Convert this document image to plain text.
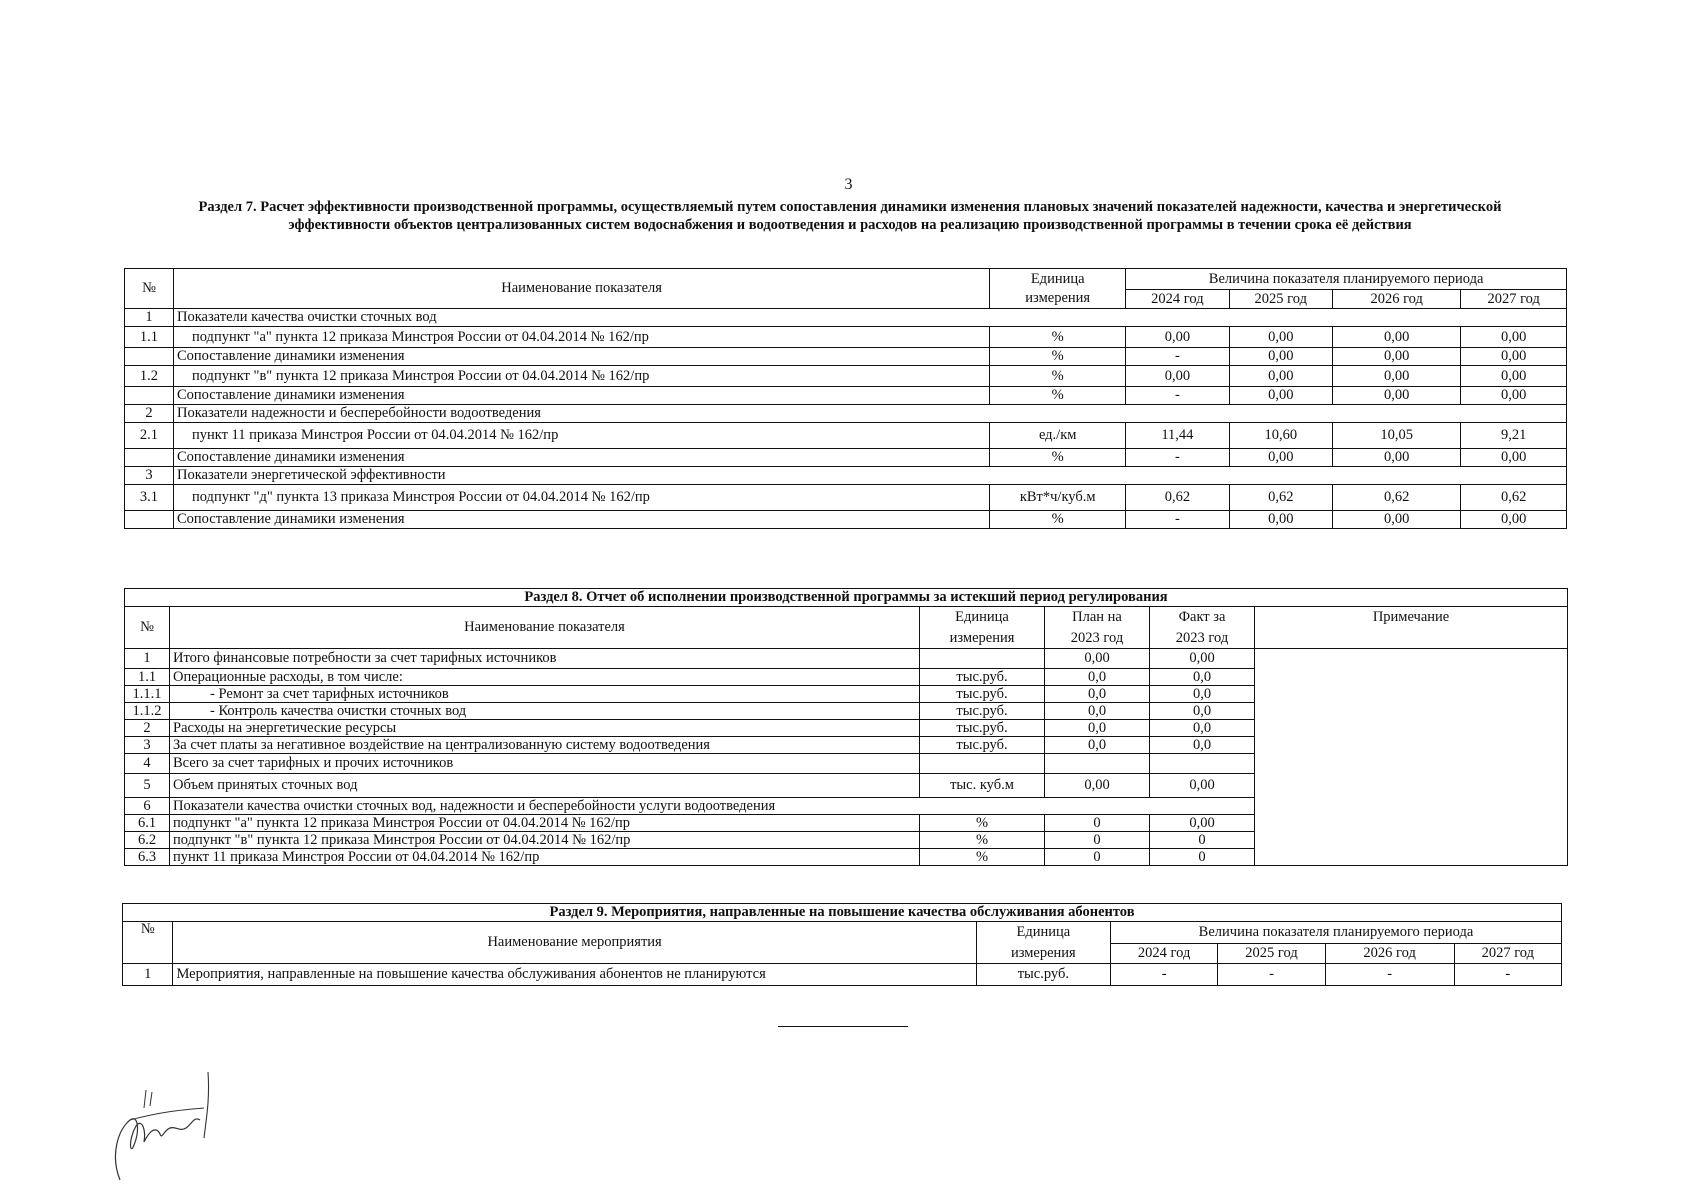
3
Раздел 7. Расчет эффективности производственной программы, осуществляемый путем сопоставления динамики изменения плановых значений показателей надежности, качества и энергетической эффективности объектов централизованных систем водоснабжения и водоотведения и расходов на реализацию производственной программы в течении срока её действия
№	Наименование показателя	Единица	Величина показателя планируемого периода			
		измерения	2024 год	2025 год	2026 год	2027 год
1	Показатели качества очистки сточных вод					
1.1	подпункт "а" пункта 12 приказа Минстроя России от 04.04.2014 № 162/пр	%	0,00	0,00	0,00	0,00
	Сопоставление динамики изменения	%	-	0,00	0,00	0,00
1.2	подпункт "в" пункта 12 приказа Минстроя России от 04.04.2014 № 162/пр	%	0,00	0,00	0,00	0,00
	Сопоставление динамики изменения	%	-	0,00	0,00	0,00
2	Показатели надежности и бесперебойности водоотведения					
2.1	пункт 11 приказа Минстроя России от 04.04.2014 № 162/пр	ед./км	11,44	10,60	10,05	9,21
	Сопоставление динамики изменения	%	-	0,00	0,00	0,00
3	Показатели энергетической эффективности					
3.1	подпункт "д" пункта 13 приказа Минстроя России от 04.04.2014 № 162/пр	кВт*ч/куб.м	0,62	0,62	0,62	0,62
	Сопоставление динамики изменения	%	-	0,00	0,00	0,00
Раздел 8. Отчет об исполнении производственной программы за истекший период регулирования					
№	Наименование показателя	Единица	План на	Факт за	Примечание
		измерения	2023 год	2023 год	
1	Итого финансовые потребности за счет тарифных источников		0,00	0,00	
1.1	Операционные расходы, в том числе:	тыс.руб.	0,0	0,0	
1.1.1	- Ремонт за счет тарифных источников	тыс.руб.	0,0	0,0	
1.1.2	- Контроль качества очистки сточных вод	тыс.руб.	0,0	0,0	
2	Расходы на энергетические ресурсы	тыс.руб.	0,0	0,0	
3	За счет платы за негативное воздействие на централизованную систему водоотведения	тыс.руб.	0,0	0,0	
4	Всего за счет тарифных и прочих источников				
5	Объем принятых сточных вод	тыс. куб.м	0,00	0,00	
6	Показатели качества очистки сточных вод, надежности и бесперебойности услуги водоотведения				
6.1	подпункт "а" пункта 12 приказа Минстроя России от 04.04.2014 № 162/пр	%	0	0,00	
6.2	подпункт "в" пункта 12 приказа Минстроя России от 04.04.2014 № 162/пр	%	0	0	
6.3	пункт 11 приказа Минстроя России от 04.04.2014 № 162/пр	%	0	0	
Раздел 9. Мероприятия, направленные на повышение качества обслуживания абонентов						
№	Наименование мероприятия	Единица	Величина показателя планируемого периода			
		измерения	2024 год	2025 год	2026 год	2027 год
1	Мероприятия, направленные на повышение качества обслуживания абонентов не планируются	тыс.руб.	-	-	-	-
